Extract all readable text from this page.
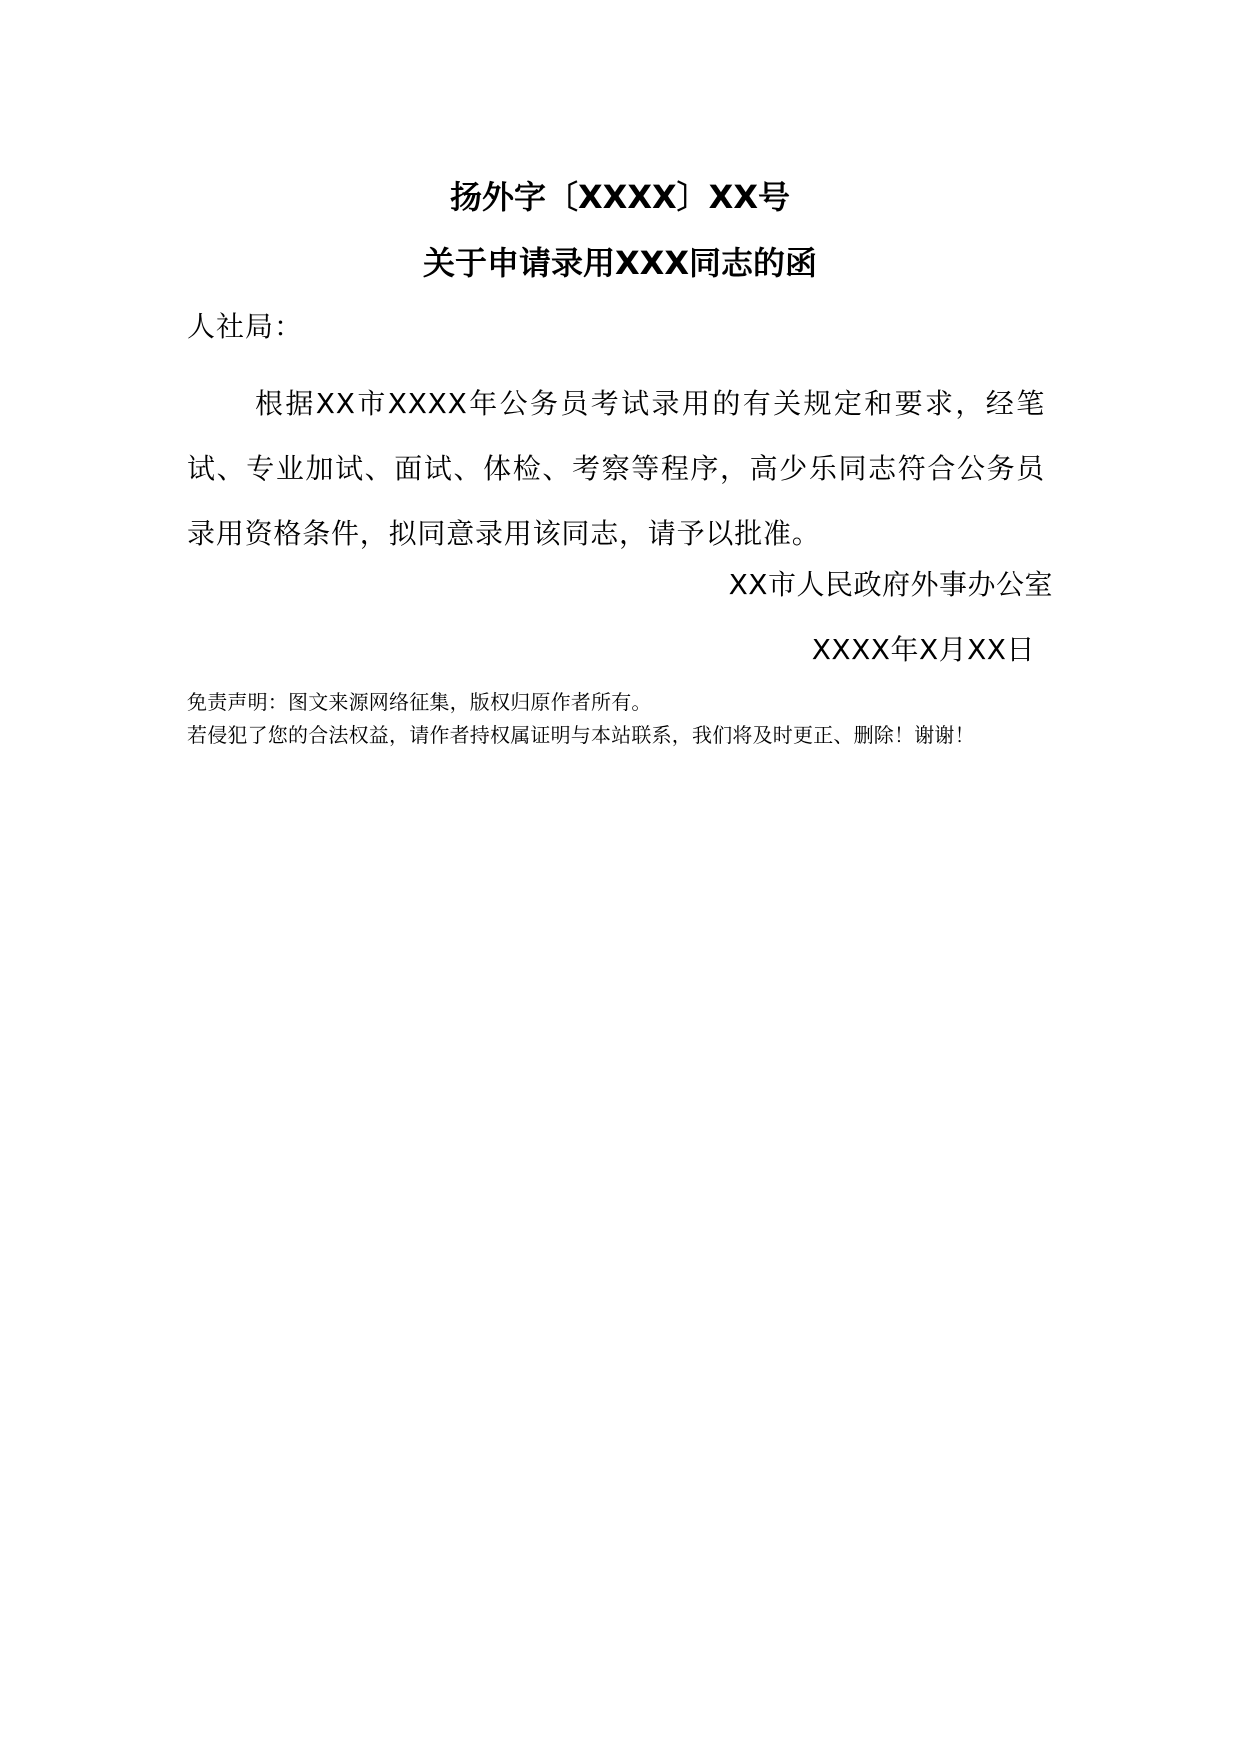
扬外字〔XXXX〕XX号
关于申请录用XXX同志的函
人社局：

根据XX市XXXX年公务员考试录用的有关规定和要求，经笔试、专业加试、面试、体检、考察等程序，高少乐同志符合公务员录用资格条件，拟同意录用该同志，请予以批准。

XX市人民政府外事办公室
XXXX年X月XX日
免责声明：图文来源网络征集，版权归原作者所有。
若侵犯了您的合法权益，请作者持权属证明与本站联系，我们将及时更正、删除！谢谢！
